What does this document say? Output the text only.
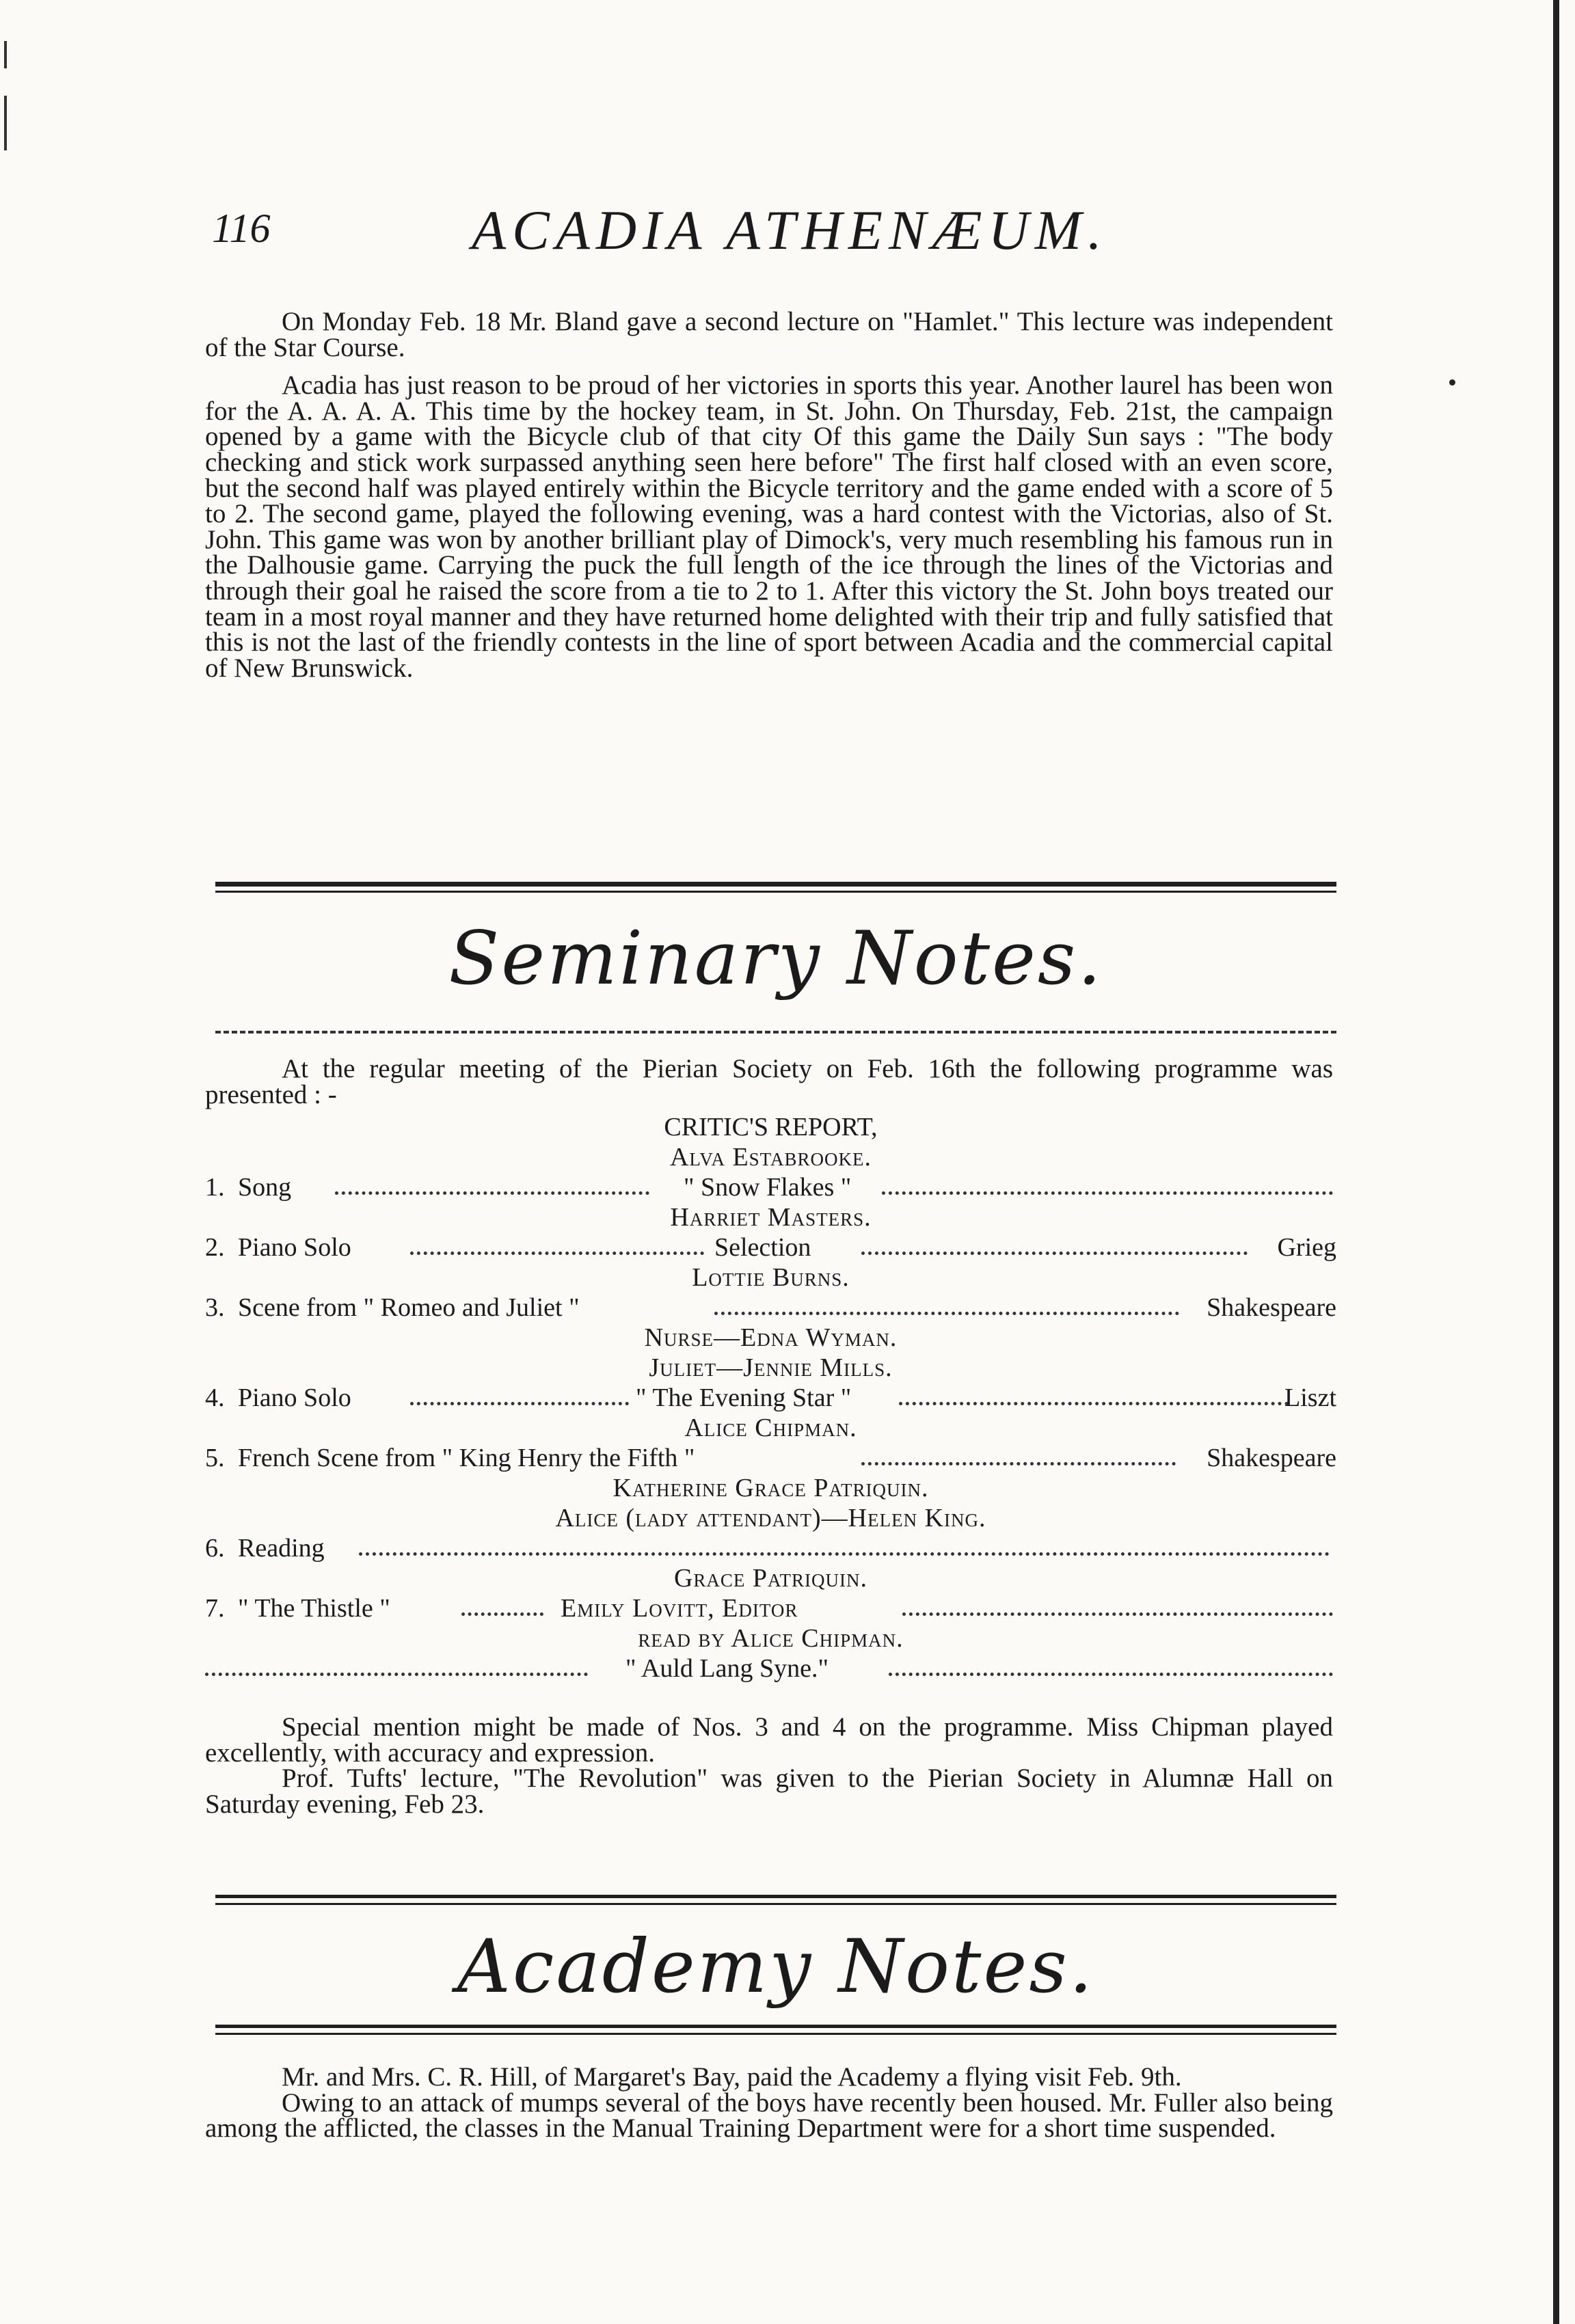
116	ACADIA ATHENÆUM.

On Monday Feb. 18 Mr. Bland gave a second lecture on "Hamlet." This lecture was independent of the Star Course.

Acadia has just reason to be proud of her victories in sports this year. Another laurel has been won for the A. A. A. A. This time by the hockey team, in St. John. On Thursday, Feb. 21st, the campaign opened by a game with the Bicycle club of that city Of this game the Daily Sun says : "The body checking and stick work surpassed anything seen here before" The first half closed with an even score, but the second half was played entirely within the Bicycle territory and the game ended with a score of 5 to 2. The second game, played the following evening, was a hard contest with the Victorias, also of St. John. This game was won by another brilliant play of Dimock's, very much resembling his famous run in the Dalhousie game. Carrying the puck the full length of the ice through the lines of the Victorias and through their goal he raised the score from a tie to 2 to 1. After this victory the St. John boys treated our team in a most royal manner and they have returned home delighted with their trip and fully satisfied that this is not the last of the friendly contests in the line of sport between Acadia and the commercial capital of New Brunswick.

Seminary Notes.

At the regular meeting of the Pierian Society on Feb. 16th the following programme was presented : -

CRITIC'S REPORT,
Alva Estabrooke.
1. Song	" Snow Flakes "
Harriet Masters.
2. Piano Solo	Selection	Grieg
Lottie Burns.
3. Scene from " Romeo and Juliet "	Shakespeare
Nurse—Edna Wyman.
Juliet—Jennie Mills.
4. Piano Solo	" The Evening Star "	Liszt
Alice Chipman.
5. French Scene from " King Henry the Fifth "	Shakespeare
Katherine Grace Patriquin.
Alice (lady attendant)—Helen King.
6. Reading
Grace Patriquin.
7. " The Thistle "	Emily Lovitt, Editor
read by Alice Chipman.
" Auld Lang Syne."

Special mention might be made of Nos. 3 and 4 on the programme. Miss Chipman played excellently, with accuracy and expression.

Prof. Tufts' lecture, "The Revolution" was given to the Pierian Society in Alumnæ Hall on Saturday evening, Feb 23.

Academy Notes.

Mr. and Mrs. C. R. Hill, of Margaret's Bay, paid the Academy a flying visit Feb. 9th.

Owing to an attack of mumps several of the boys have recently been housed. Mr. Fuller also being among the afflicted, the classes in the Manual Training Department were for a short time suspended.
